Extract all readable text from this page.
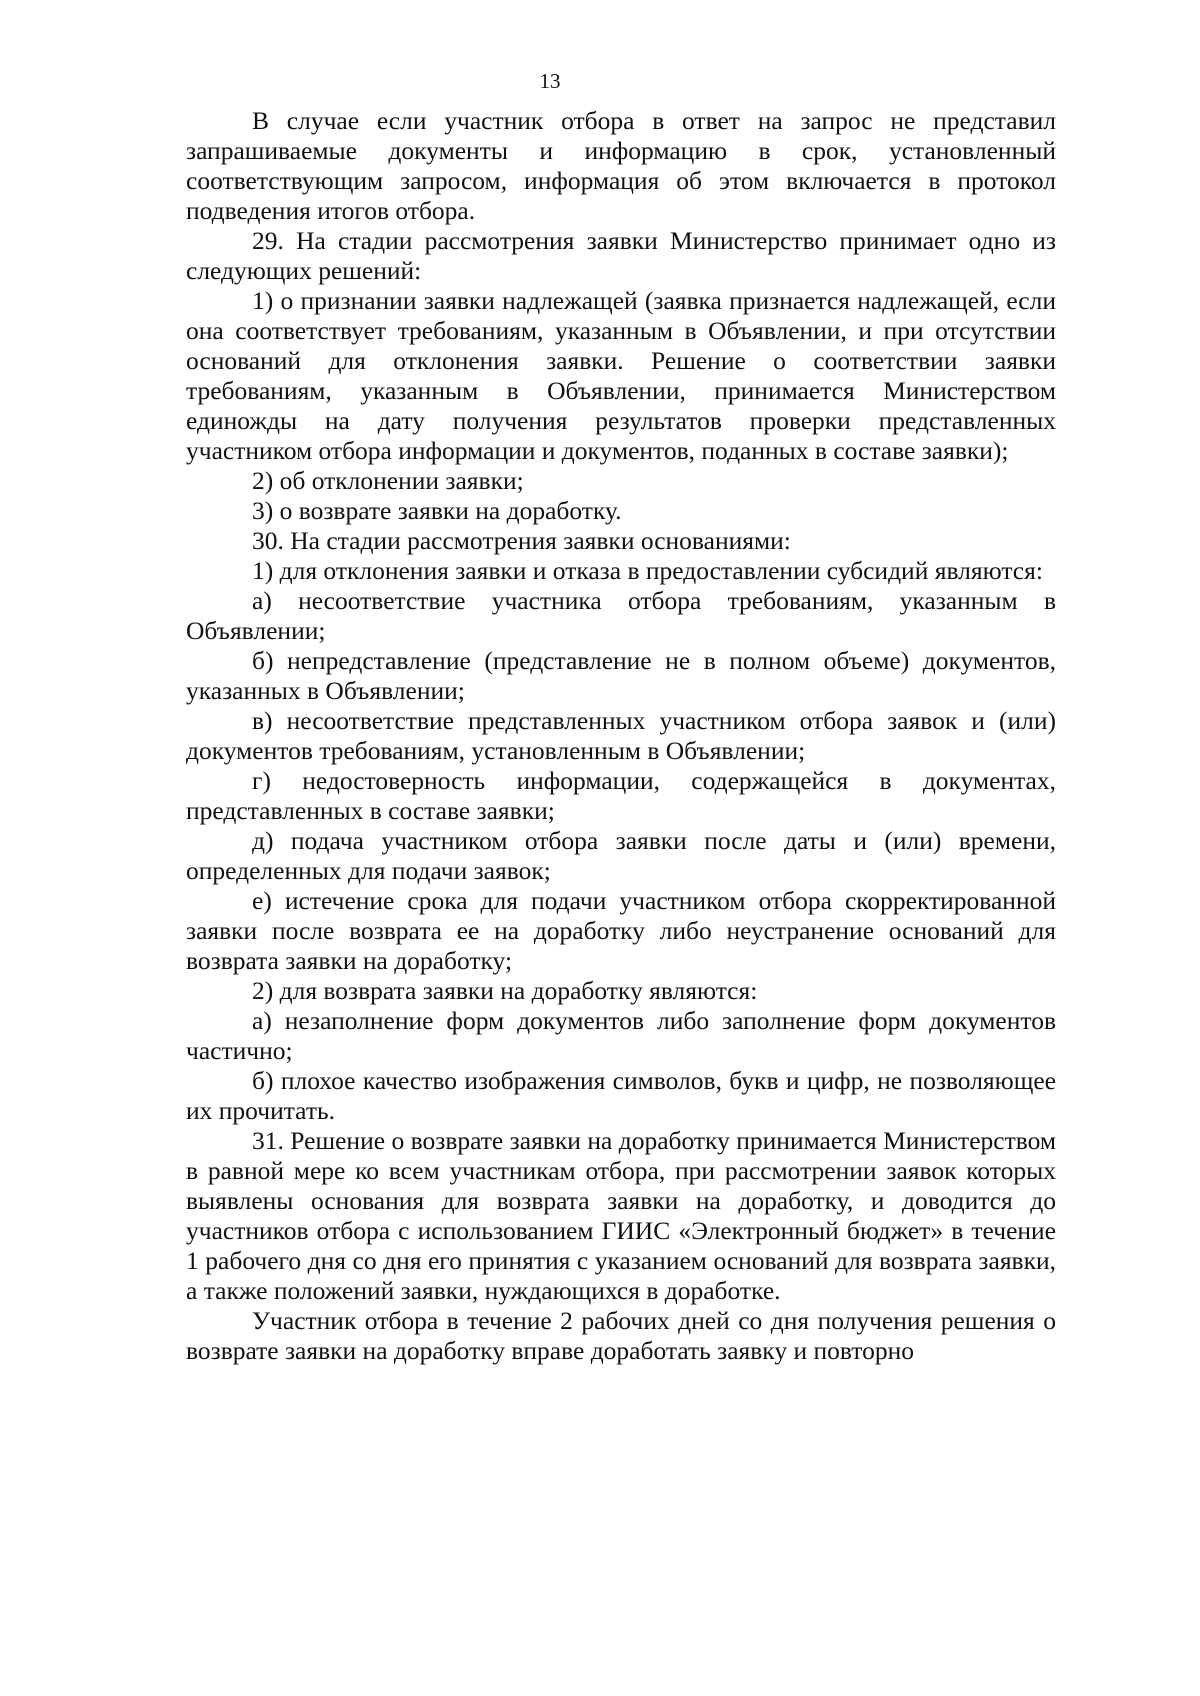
13

В случае если участник отбора в ответ на запрос не представил запрашиваемые документы и информацию в срок, установленный соответствующим запросом, информация об этом включается в протокол подведения итогов отбора.

29. На стадии рассмотрения заявки Министерство принимает одно из следующих решений:

1) о признании заявки надлежащей (заявка признается надлежащей, если она соответствует требованиям, указанным в Объявлении, и при отсутствии оснований для отклонения заявки. Решение о соответствии заявки требованиям, указанным в Объявлении, принимается Министерством единожды на дату получения результатов проверки представленных участником отбора информации и документов, поданных в составе заявки);

2) об отклонении заявки;

3) о возврате заявки на доработку.

30. На стадии рассмотрения заявки основаниями:

1) для отклонения заявки и отказа в предоставлении субсидий являются:

а) несоответствие участника отбора требованиям, указанным в Объявлении;

б) непредставление (представление не в полном объеме) документов, указанных в Объявлении;

в) несоответствие представленных участником отбора заявок и (или) документов требованиям, установленным в Объявлении;

г) недостоверность информации, содержащейся в документах, представленных в составе заявки;

д) подача участником отбора заявки после даты и (или) времени, определенных для подачи заявок;

е) истечение срока для подачи участником отбора скорректированной заявки после возврата ее на доработку либо неустранение оснований для возврата заявки на доработку;

2) для возврата заявки на доработку являются:

а) незаполнение форм документов либо заполнение форм документов частично;

б) плохое качество изображения символов, букв и цифр, не позволяющее их прочитать.

31. Решение о возврате заявки на доработку принимается Министерством в равной мере ко всем участникам отбора, при рассмотрении заявок которых выявлены основания для возврата заявки на доработку, и доводится до участников отбора с использованием ГИИС «Электронный бюджет» в течение 1 рабочего дня со дня его принятия с указанием оснований для возврата заявки, а также положений заявки, нуждающихся в доработке.

Участник отбора в течение 2 рабочих дней со дня получения решения о возврате заявки на доработку вправе доработать заявку и повторно
